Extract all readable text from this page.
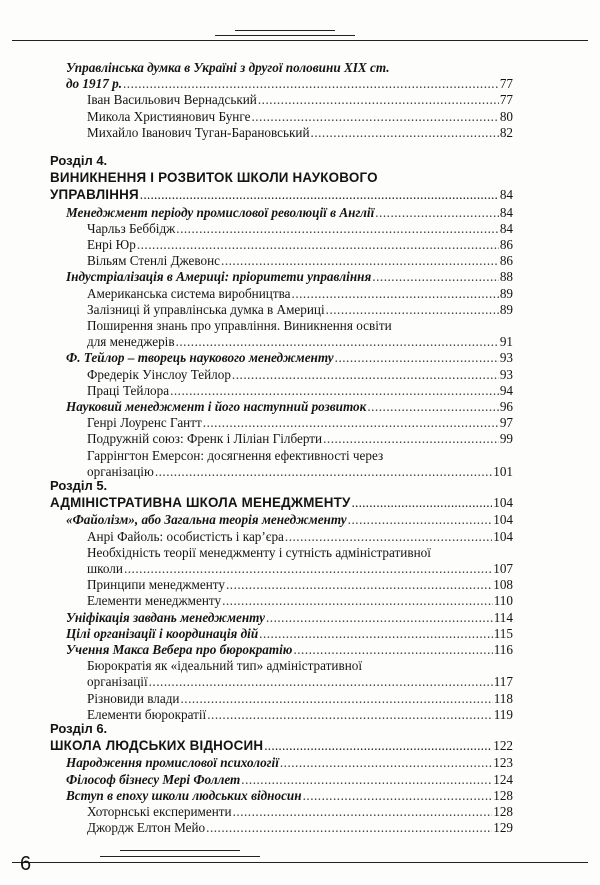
Управлінська думка в Україні з другої половини XIX ст.
до 1917 р. .....	77
Іван Васильович Вернадський .....	77
Микола Християнович Бунге .....	80
Михайло Іванович Туган-Барановський .....	82
Розділ 4.
ВИНИКНЕННЯ І РОЗВИТОК ШКОЛИ НАУКОВОГО
УПРАВЛІННЯ .....	84
Менеджмент періоду промислової революції в Англії .....	84
Чарльз Беббідж .....	84
Енрі Юр .....	86
Вільям Стенлі Джевонс .....	86
Індустріалізація в Америці: пріоритети управління .....	88
Американська система виробництва .....	89
Залізниці й управлінська думка в Америці .....	89
Поширення знань про управління. Виникнення освіти
для менеджерів .....	91
Ф. Тейлор – творець наукового менеджменту .....	93
Фредерік Уінслоу Тейлор .....	93
Праці Тейлора .....	94
Науковий менеджмент і його наступний розвиток .....	96
Генрі Лоуренс Гантт .....	97
Подружній союз: Френк і Ліліан Гілберти .....	99
Гаррінгтон Емерсон: досягнення ефективності через
організацію .....	101
Розділ 5.
АДМІНІСТРАТИВНА ШКОЛА МЕНЕДЖМЕНТУ .....	104
«Файолізм», або Загальна теорія менеджменту .....	104
Анрі Файоль: особистість і кар’єра .....	104
Необхідність теорії менеджменту і сутність адміністративної
школи .....	107
Принципи менеджменту .....	108
Елементи менеджменту .....	110
Уніфікація завдань менеджменту .....	114
Цілі організації і координація дій .....	115
Учення Макса Вебера про бюрократію .....	116
Бюрократія як «ідеальний тип» адміністративної
організації .....	117
Різновиди влади .....	118
Елементи бюрократії .....	119
Розділ 6.
ШКОЛА ЛЮДСЬКИХ ВІДНОСИН .....	122
Народження промислової психології .....	123
Філософ бізнесу Мері Фоллет .....	124
Вступ в епоху школи людських відносин .....	128
Хоторнські експерименти .....	128
Джордж Елтон Мейо .....	129
6
